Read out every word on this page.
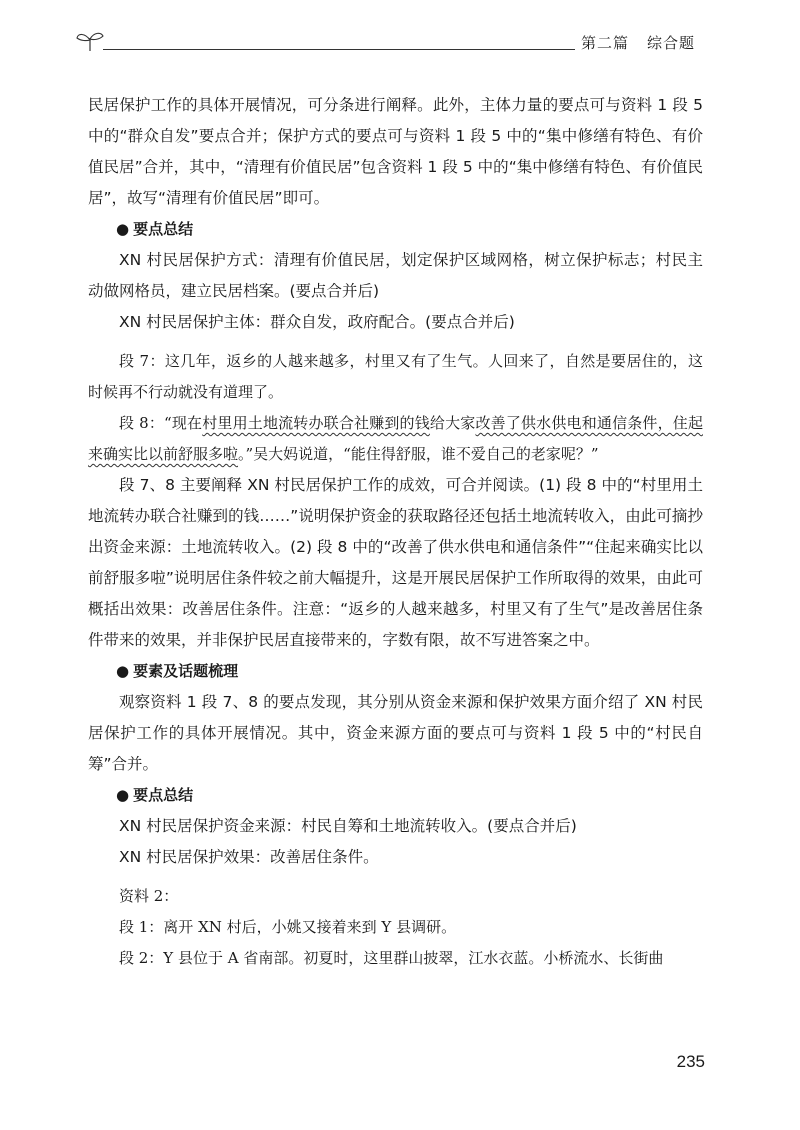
第二篇 综合题

民居保护工作的具体开展情况，可分条进行阐释。此外，主体力量的要点可与资料 1 段 5 中的“群众自发”要点合并；保护方式的要点可与资料 1 段 5 中的“集中修缮有特色、有价值民居”合并，其中，“清理有价值民居”包含资料 1 段 5 中的“集中修缮有特色、有价值民居”，故写“清理有价值民居”即可。

● 要点总结

XN 村民居保护方式：清理有价值民居，划定保护区域网格，树立保护标志；村民主动做网格员，建立民居档案。(要点合并后)

XN 村民居保护主体：群众自发，政府配合。(要点合并后)

段 7：这几年，返乡的人越来越多，村里又有了生气。人回来了，自然是要居住的，这时候再不行动就没有道理了。

段 8：“现在村里用土地流转办联合社赚到的钱给大家改善了供水供电和通信条件，住起来确实比以前舒服多啦。”吴大妈说道，“能住得舒服，谁不爱自己的老家呢？”

段 7、8 主要阐释 XN 村民居保护工作的成效，可合并阅读。(1) 段 8 中的“村里用土地流转办联合社赚到的钱……”说明保护资金的获取路径还包括土地流转收入，由此可摘抄出资金来源：土地流转收入。(2) 段 8 中的“改善了供水供电和通信条件”“住起来确实比以前舒服多啦”说明居住条件较之前大幅提升，这是开展民居保护工作所取得的效果，由此可概括出效果：改善居住条件。注意：“返乡的人越来越多，村里又有了生气”是改善居住条件带来的效果，并非保护民居直接带来的，字数有限，故不写进答案之中。

● 要素及话题梳理

观察资料 1 段 7、8 的要点发现，其分别从资金来源和保护效果方面介绍了 XN 村民居保护工作的具体开展情况。其中，资金来源方面的要点可与资料 1 段 5 中的“村民自筹”合并。

● 要点总结

XN 村民居保护资金来源：村民自筹和土地流转收入。(要点合并后)

XN 村民居保护效果：改善居住条件。

资料 2：

段 1：离开 XN 村后，小姚又接着来到 Y 县调研。

段 2：Y 县位于 A 省南部。初夏时，这里群山披翠，江水衣蓝。小桥流水、长街曲

235
